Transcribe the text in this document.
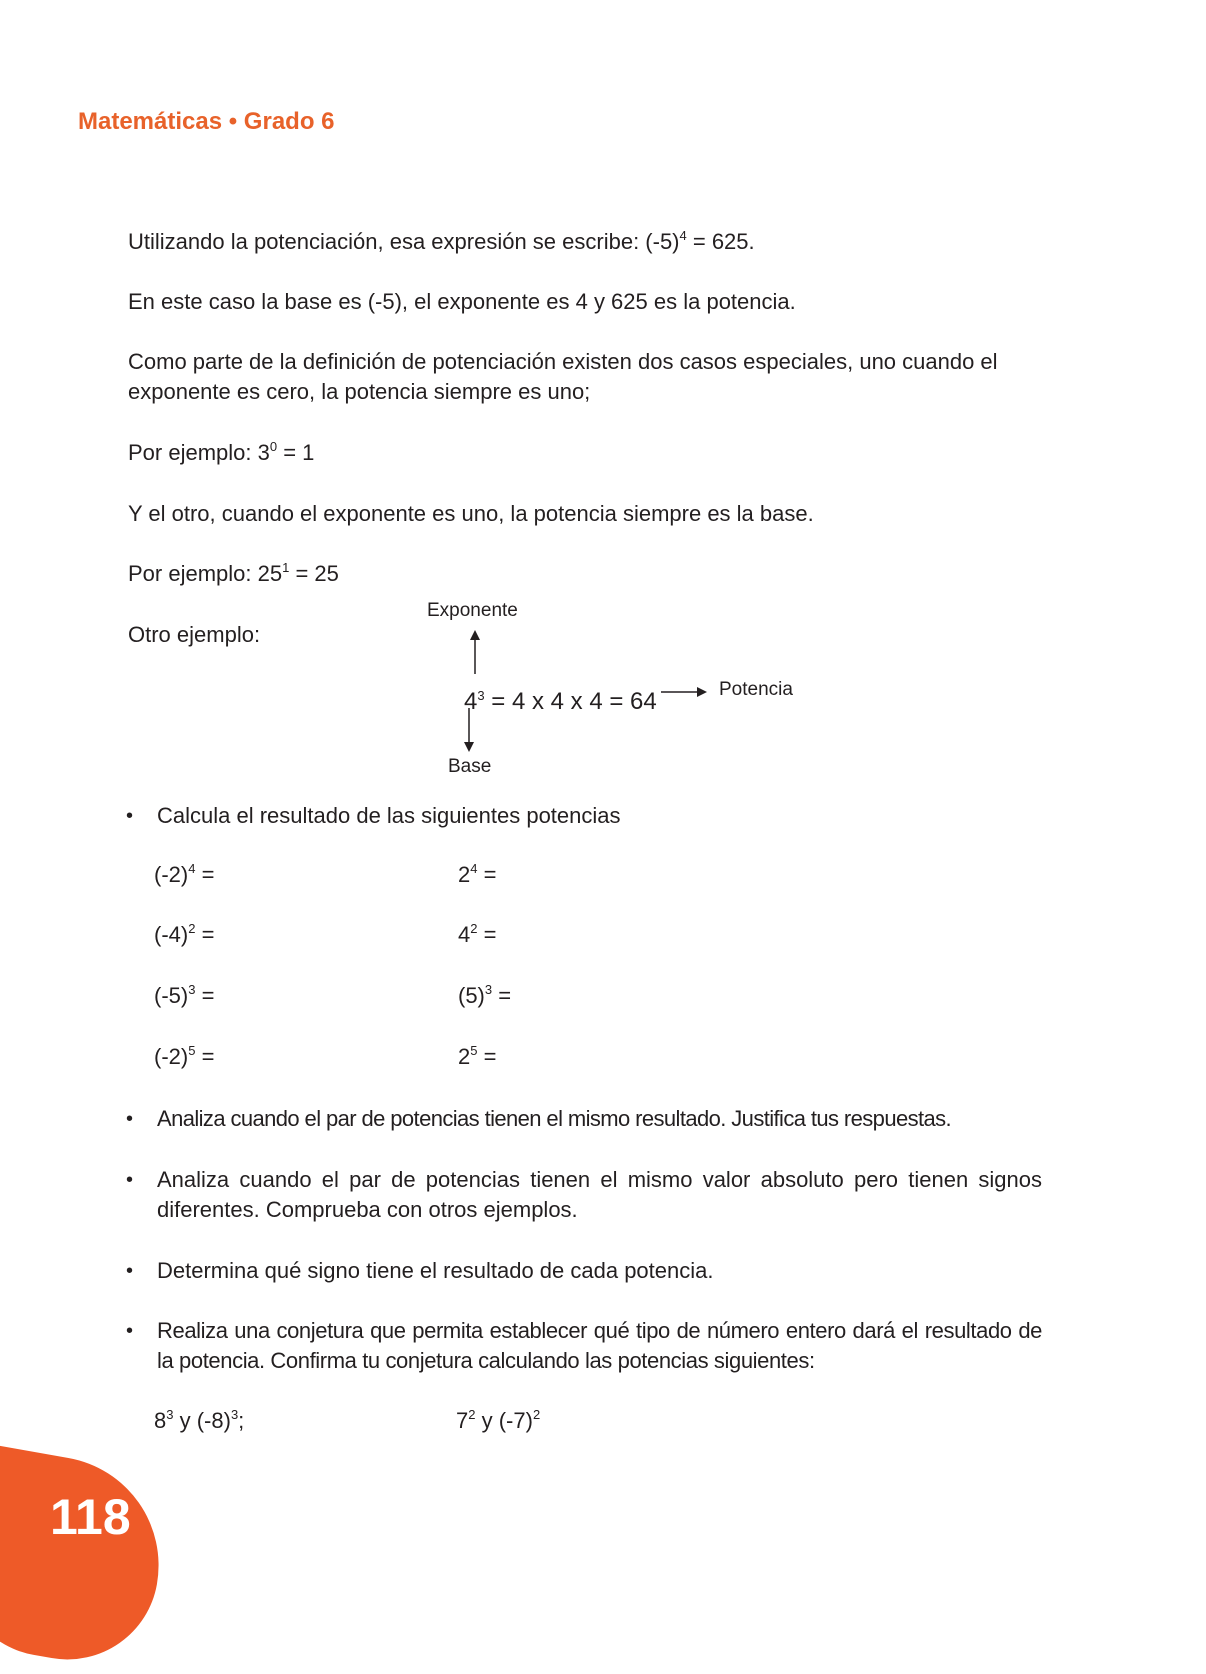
Matemáticas • Grado 6
Utilizando la potenciación, esa expresión se escribe: $(-5)^4 = 625$.
En este caso la base es (-5), el exponente es 4 y 625 es la potencia.
Como parte de la definición de potenciación existen dos casos especiales, uno cuando el exponente es cero, la potencia siempre es uno;
Por ejemplo: $3^0 = 1$
Y el otro, cuando el exponente es uno, la potencia siempre es la base.
Por ejemplo: $25^1 = 25$
Otro ejemplo:
Exponente
$4^3 = 4$ x 4 x 4 = 64	Potencia
Base
• Calcula el resultado de las siguientes potencias
$(-2)^4$ =
$(-4)^2$ =
$(-5)^3$ =
$(-2)^5$ =
$2^4$ =
$4^2$ =
$(5)^3$ =
$2^5$ =
• Analiza cuando el par de potencias tienen el mismo resultado. Justifica tus respuestas.
• Analiza cuando el par de potencias tienen el mismo valor absoluto pero tienen signos diferentes. Comprueba con otros ejemplos.
• Determina qué signo tiene el resultado de cada potencia.
• Realiza una conjetura que permita establecer qué tipo de número entero dará el resultado de la potencia. Confirma tu conjetura calculando las potencias siguientes:
$8^3$ y $(-8)^3$;	$7^2$ y $(-7)^2$
118
